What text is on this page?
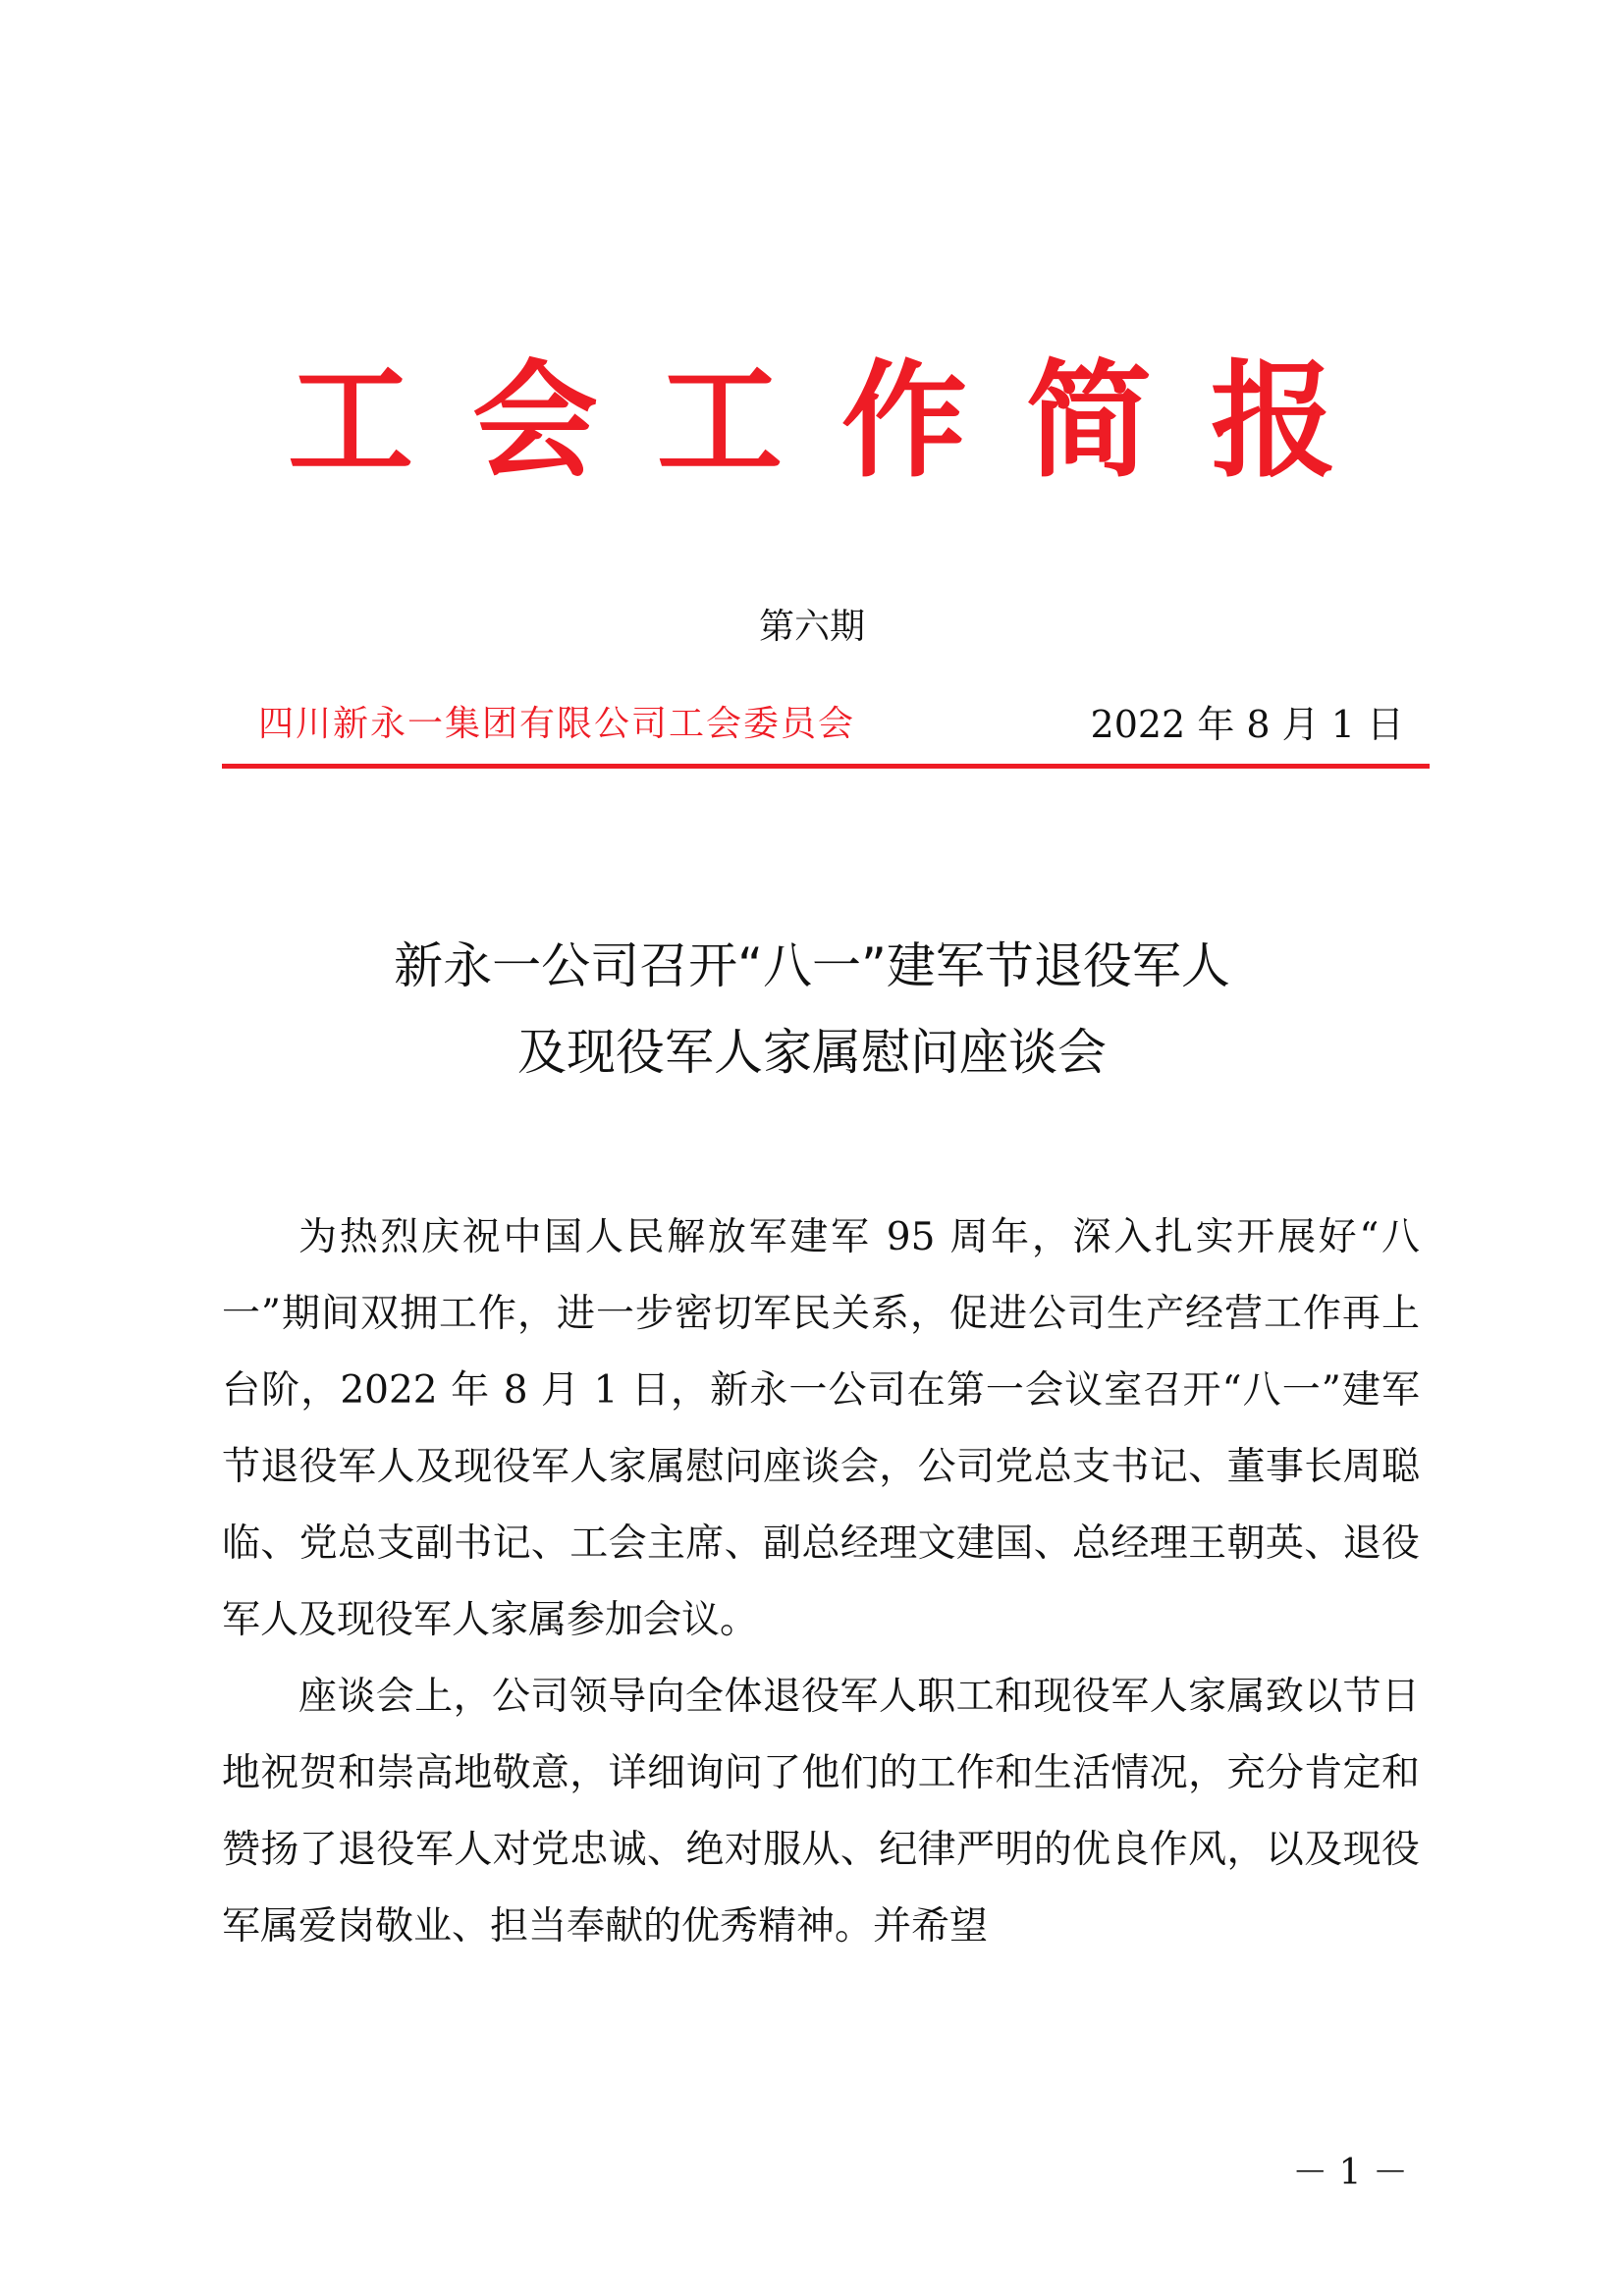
工会工作简报
第六期
四川新永一集团有限公司工会委员会	2022 年 8 月 1 日
新永一公司召开“八一”建军节退役军人
及现役军人家属慰问座谈会

为热烈庆祝中国人民解放军建军 95 周年，深入扎实开展好“八一”期间双拥工作，进一步密切军民关系，促进公司生产经营工作再上台阶，2022 年 8 月 1 日，新永一公司在第一会议室召开“八一”建军节退役军人及现役军人家属慰问座谈会，公司党总支书记、董事长周聪临、党总支副书记、工会主席、副总经理文建国、总经理王朝英、退役军人及现役军人家属参加会议。

座谈会上，公司领导向全体退役军人职工和现役军人家属致以节日地祝贺和崇高地敬意，详细询问了他们的工作和生活情况，充分肯定和赞扬了退役军人对党忠诚、绝对服从、纪律严明的优良作风，以及现役军属爱岗敬业、担当奉献的优秀精神。并希望

－ 1 －
